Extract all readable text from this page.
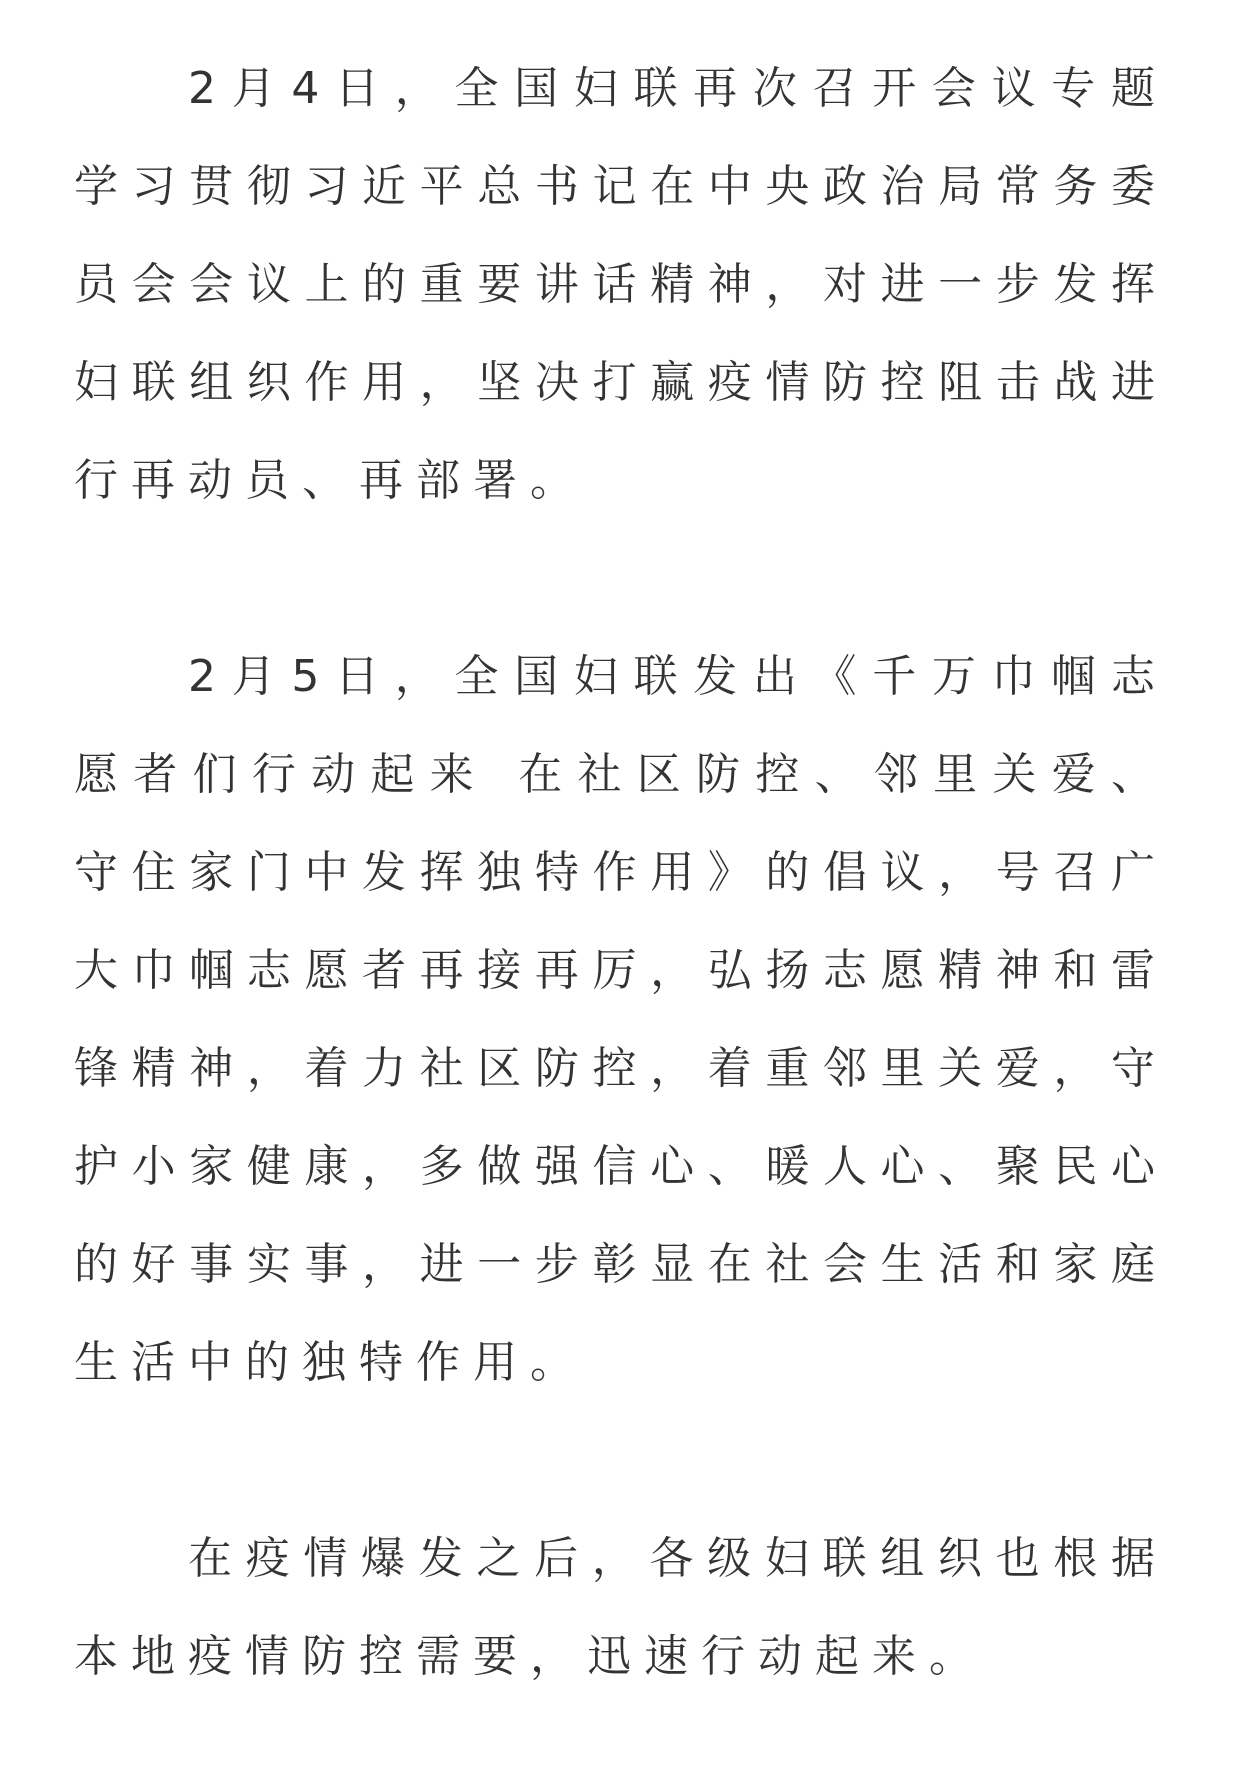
2月4日，全国妇联再次召开会议专题学习贯彻习近平总书记在中央政治局常务委员会会议上的重要讲话精神，对进一步发挥妇联组织作用，坚决打赢疫情防控阻击战进行再动员、再部署。

2月5日，全国妇联发出《千万巾帼志愿者们行动起来 在社区防控、邻里关爱、守住家门中发挥独特作用》的倡议，号召广大巾帼志愿者再接再厉，弘扬志愿精神和雷锋精神，着力社区防控，着重邻里关爱，守护小家健康，多做强信心、暖人心、聚民心的好事实事，进一步彰显在社会生活和家庭生活中的独特作用。

在疫情爆发之后，各级妇联组织也根据本地疫情防控需要，迅速行动起来。
